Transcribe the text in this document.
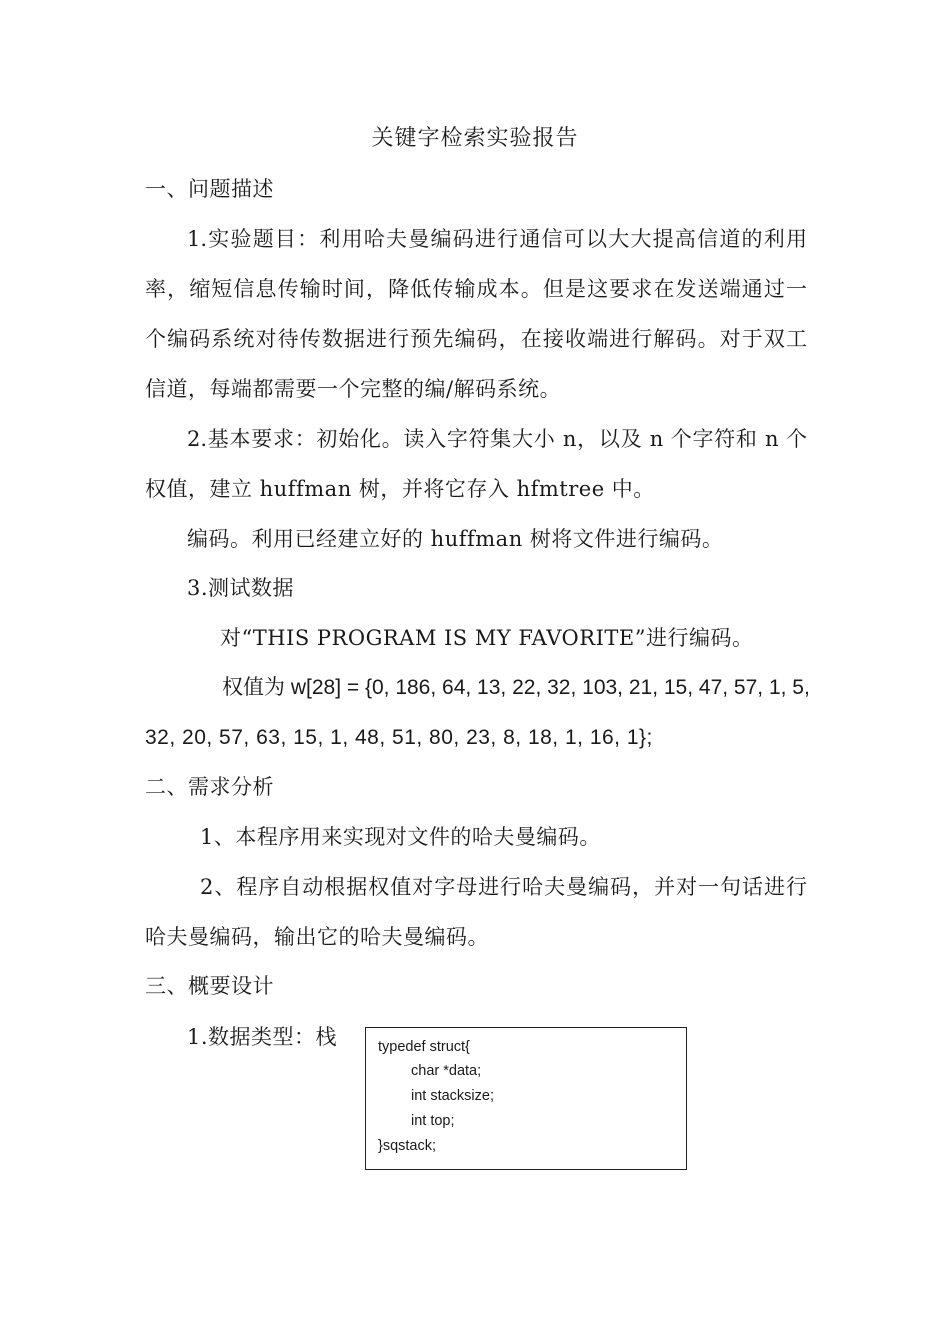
关键字检索实验报告
一、问题描述
1.实验题目：利用哈夫曼编码进行通信可以大大提高信道的利用
率，缩短信息传输时间，降低传输成本。但是这要求在发送端通过一
个编码系统对待传数据进行预先编码，在接收端进行解码。对于双工
信道，每端都需要一个完整的编/解码系统。
2.基本要求：初始化。读入字符集大小 n，以及 n 个字符和 n 个
权值，建立 huffman 树，并将它存入 hfmtree 中。
编码。利用已经建立好的 huffman 树将文件进行编码。
3.测试数据
对“THIS PROGRAM IS MY FAVORITE”进行编码。
权值为 w[28] = {0, 186, 64, 13, 22, 32, 103, 21, 15, 47, 57, 1, 5,
32, 20, 57, 63, 15, 1, 48, 51, 80, 23, 8, 18, 1, 16, 1};
二、需求分析
1、本程序用来实现对文件的哈夫曼编码。
2、程序自动根据权值对字母进行哈夫曼编码，并对一句话进行
哈夫曼编码，输出它的哈夫曼编码。
三、概要设计
1.数据类型：栈	typedef struct{
char *data;
int stacksize;
int top;
}sqstack;
